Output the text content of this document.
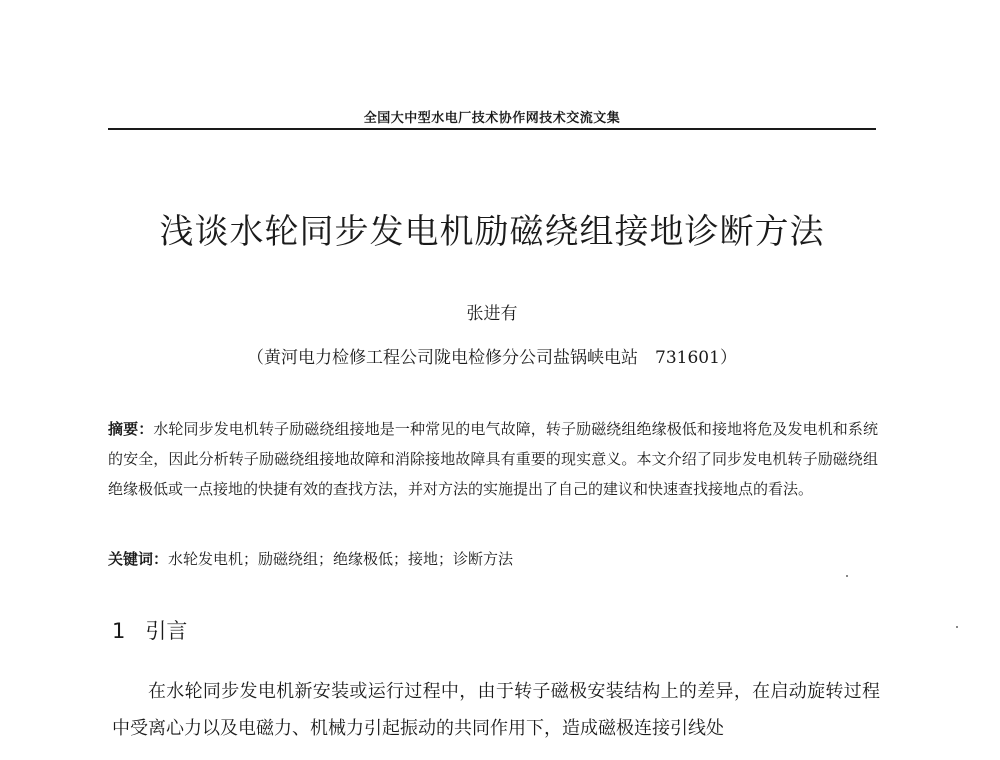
全国大中型水电厂技术协作网技术交流文集
浅谈水轮同步发电机励磁绕组接地诊断方法
张进有
（黄河电力检修工程公司陇电检修分公司盐锅峡电站　731601）
摘要：水轮同步发电机转子励磁绕组接地是一种常见的电气故障，转子励磁绕组绝缘极低和接地将危及发电机和系统的安全，因此分析转子励磁绕组接地故障和消除接地故障具有重要的现实意义。本文介绍了同步发电机转子励磁绕组绝缘极低或一点接地的快捷有效的查找方法，并对方法的实施提出了自己的建议和快速查找接地点的看法。
关键词：水轮发电机；励磁绕组；绝缘极低；接地；诊断方法
1 引言
在水轮同步发电机新安装或运行过程中，由于转子磁极安装结构上的差异，在启动旋转过程中受离心力以及电磁力、机械力引起振动的共同作用下，造成磁极连接引线处
